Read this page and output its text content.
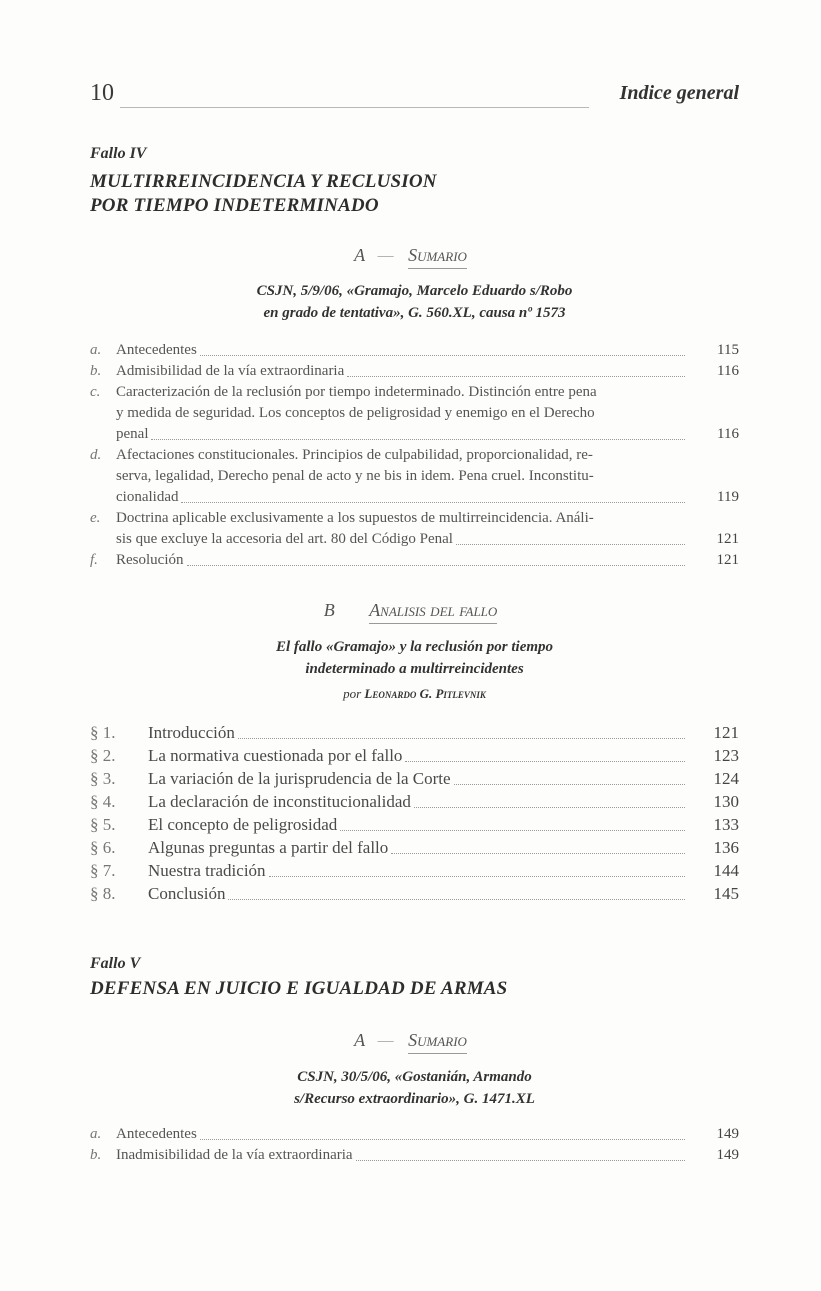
10	Indice general
Fallo IV
MULTIRREINCIDENCIA Y RECLUSION
POR TIEMPO INDETERMINADO
A — Sumario
CSJN, 5/9/06, «Gramajo, Marcelo Eduardo s/Robo
en grado de tentativa», G. 560.XL, causa nº 1573
a. Antecedentes	115
b. Admisibilidad de la vía extraordinaria	116
c.	Caracterización de la reclusión por tiempo indeterminado. Distinción entre pena
y medida de seguridad. Los conceptos de peligrosidad y enemigo en el Derecho
penal	116
d. Afectaciones constitucionales. Principios de culpabilidad, proporcionalidad, re-
serva, legalidad, Derecho penal de acto y ne bis in idem. Pena cruel. Inconstitu-
cionalidad	119
e.	Doctrina aplicable exclusivamente a los supuestos de multirreincidencia. Análi-
sis que excluye la accesoria del art. 80 del Código Penal	121
f.	Resolución	121
B Analisis del fallo
El fallo «Gramajo» y la reclusión por tiempo
indeterminado a multirreincidentes
por Leonardo G. Pitlevnik
§ 1.	Introducción	121
§ 2.	La normativa cuestionada por el fallo	123
§ 3.	La variación de la jurisprudencia de la Corte	124
§ 4.	La declaración de inconstitucionalidad	130
§ 5.	El concepto de peligrosidad	133
§ 6.	Algunas preguntas a partir del fallo	136
§ 7.	Nuestra tradición	144
§ 8.	Conclusión	145
Fallo V
DEFENSA EN JUICIO E IGUALDAD DE ARMAS
A — Sumario
CSJN, 30/5/06, «Gostanián, Armando
s/Recurso extraordinario», G. 1471.XL
a. Antecedentes	149
b. Inadmisibilidad de la vía extraordinaria	149
